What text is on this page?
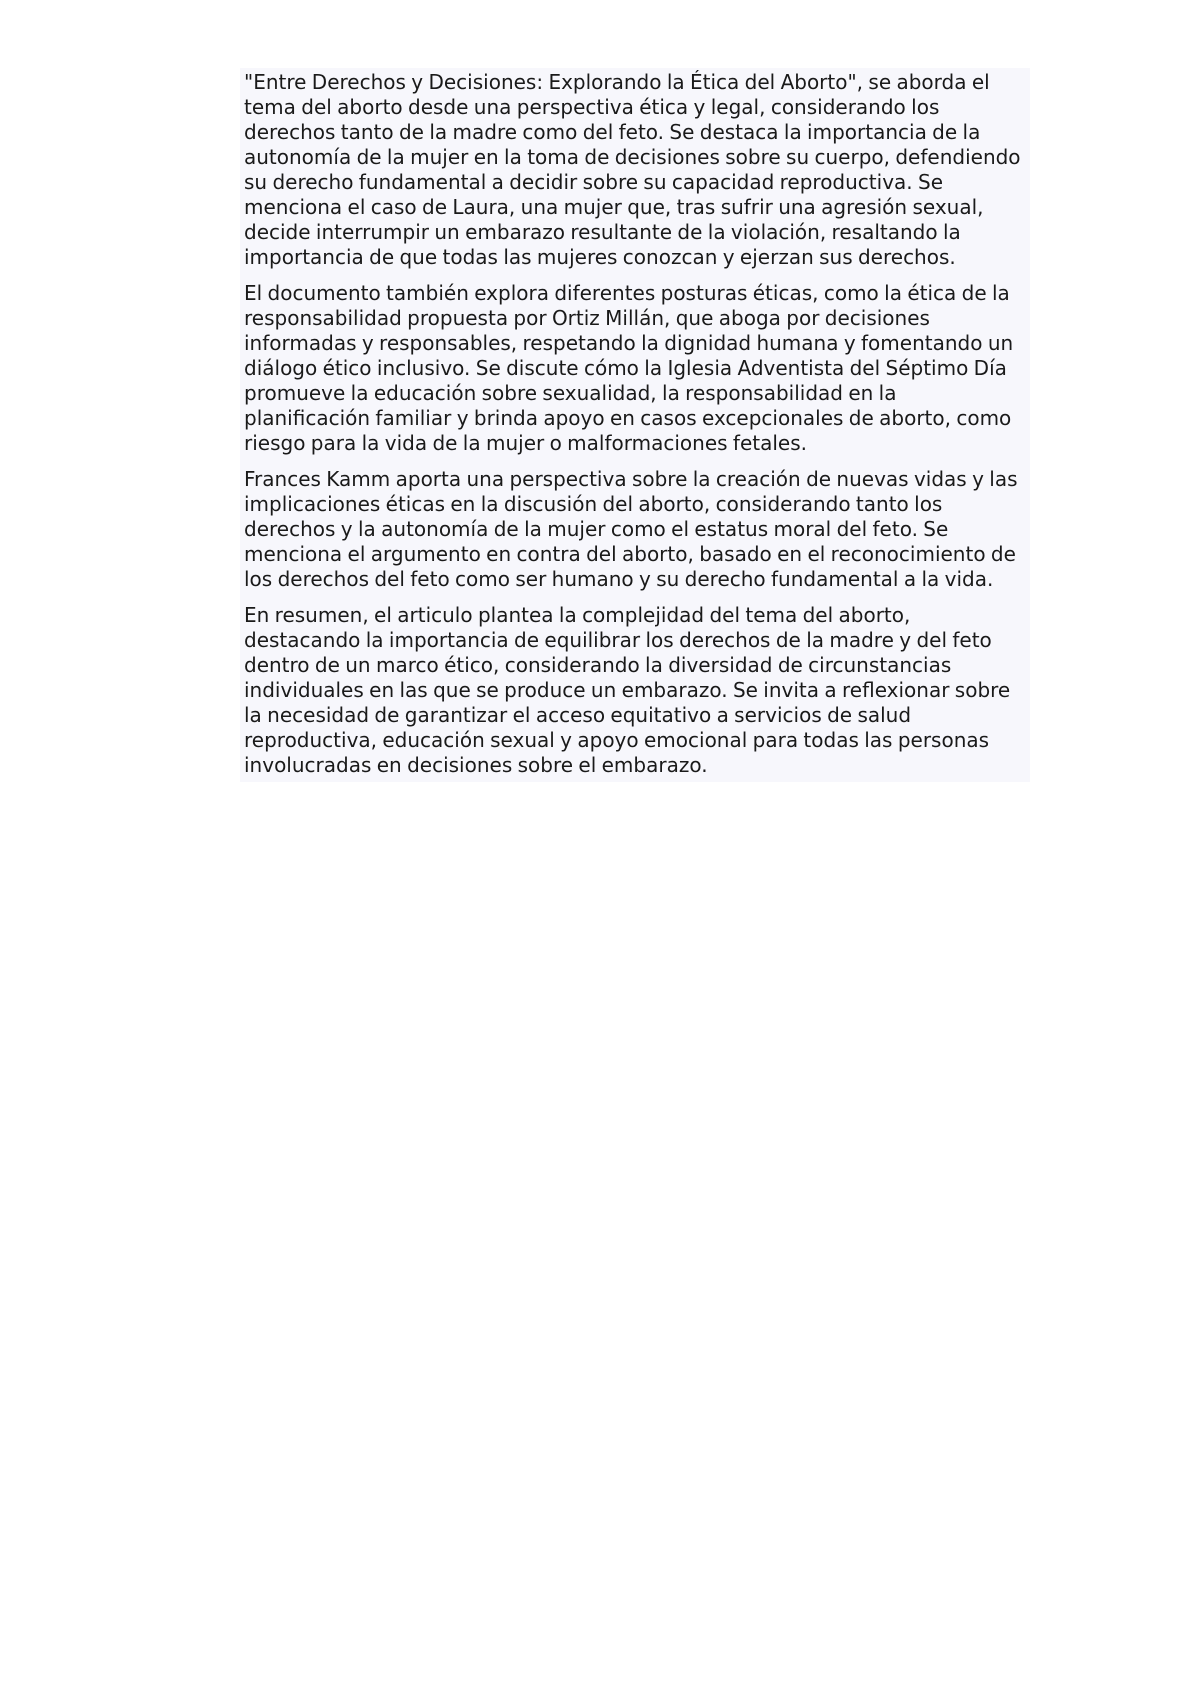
"Entre Derechos y Decisiones: Explorando la Ética del Aborto", se aborda el tema del aborto desde una perspectiva ética y legal, considerando los derechos tanto de la madre como del feto. Se destaca la importancia de la autonomía de la mujer en la toma de decisiones sobre su cuerpo, defendiendo su derecho fundamental a decidir sobre su capacidad reproductiva. Se menciona el caso de Laura, una mujer que, tras sufrir una agresión sexual, decide interrumpir un embarazo resultante de la violación, resaltando la importancia de que todas las mujeres conozcan y ejerzan sus derechos.

El documento también explora diferentes posturas éticas, como la ética de la responsabilidad propuesta por Ortiz Millán, que aboga por decisiones informadas y responsables, respetando la dignidad humana y fomentando un diálogo ético inclusivo. Se discute cómo la Iglesia Adventista del Séptimo Día promueve la educación sobre sexualidad, la responsabilidad en la planificación familiar y brinda apoyo en casos excepcionales de aborto, como riesgo para la vida de la mujer o malformaciones fetales.

Frances Kamm aporta una perspectiva sobre la creación de nuevas vidas y las implicaciones éticas en la discusión del aborto, considerando tanto los derechos y la autonomía de la mujer como el estatus moral del feto. Se menciona el argumento en contra del aborto, basado en el reconocimiento de los derechos del feto como ser humano y su derecho fundamental a la vida.

En resumen, el articulo plantea la complejidad del tema del aborto, destacando la importancia de equilibrar los derechos de la madre y del feto dentro de un marco ético, considerando la diversidad de circunstancias individuales en las que se produce un embarazo. Se invita a reflexionar sobre la necesidad de garantizar el acceso equitativo a servicios de salud reproductiva, educación sexual y apoyo emocional para todas las personas involucradas en decisiones sobre el embarazo.
